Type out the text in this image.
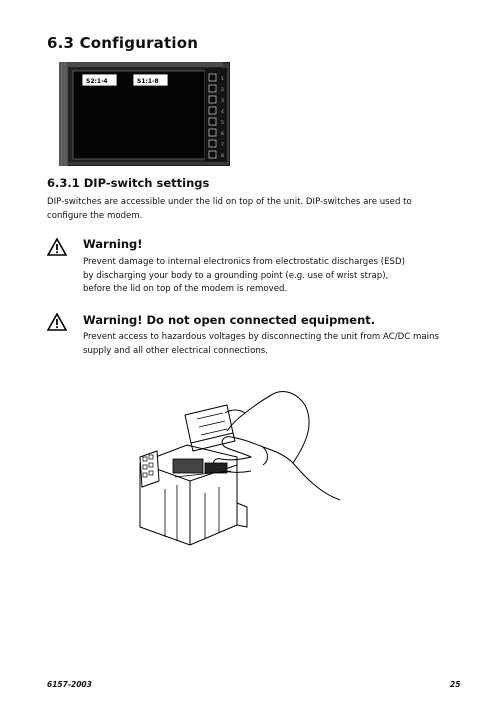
6.3 Configuration
1
2
3
4
5
6
7
8
S2:1-4	S1:1-8
6.3.1 DIP-switch settings
DIP-switches are accessible under the lid on top of the unit. DIP-switches are used to configure the modem.
Warning!
Prevent damage to internal electronics from electrostatic discharges (ESD)
by discharging your body to a grounding point (e.g. use of wrist strap),
before the lid on top of the modem is removed.
Warning! Do not open connected equipment.
Prevent access to hazardous voltages by disconnecting the unit from AC/DC mains
supply and all other electrical connections.
6157-2003	25
